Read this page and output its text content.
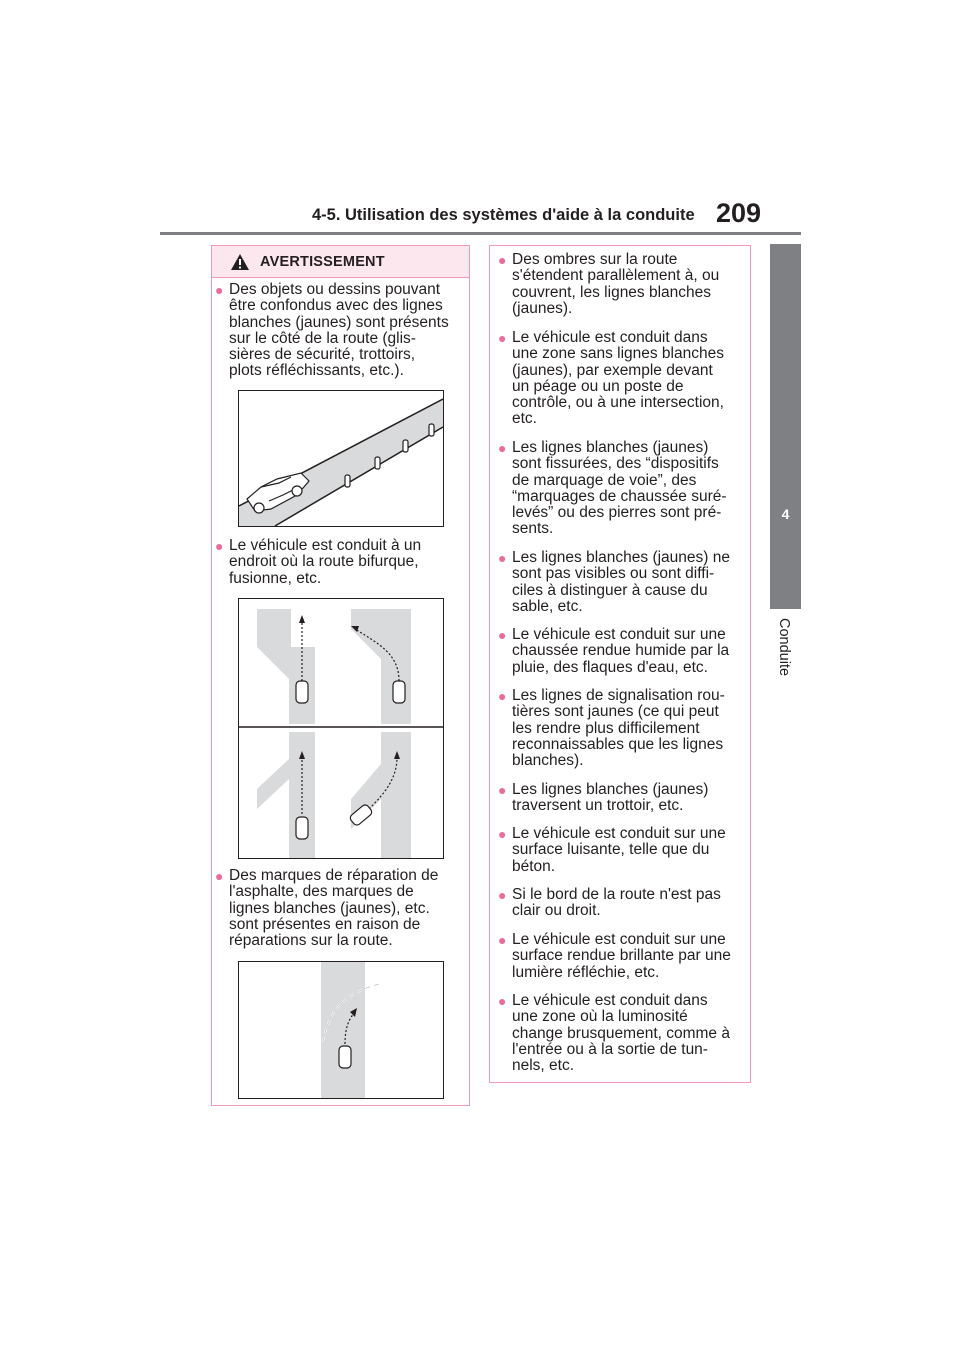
4-5. Utilisation des systèmes d'aide à la conduite 209
4
Conduite
AVERTISSEMENT
● Des objets ou dessins pouvant
être confondus avec des lignes
blanches (jaunes) sont présents
sur le côté de la route (glis-
sières de sécurité, trottoirs,
plots réfléchissants, etc.).
● Le véhicule est conduit à un
endroit où la route bifurque,
fusionne, etc.
● Des marques de réparation de
l'asphalte, des marques de
lignes blanches (jaunes), etc.
sont présentes en raison de
réparations sur la route.
● Des ombres sur la route
s'étendent parallèlement à, ou
couvrent, les lignes blanches
(jaunes).
● Le véhicule est conduit dans
une zone sans lignes blanches
(jaunes), par exemple devant
un péage ou un poste de
contrôle, ou à une intersection,
etc.
● Les lignes blanches (jaunes)
sont fissurées, des “dispositifs
de marquage de voie”, des
“marquages de chaussée suré-
levés” ou des pierres sont pré-
sents.
● Les lignes blanches (jaunes) ne
sont pas visibles ou sont diffi-
ciles à distinguer à cause du
sable, etc.
● Le véhicule est conduit sur une
chaussée rendue humide par la
pluie, des flaques d'eau, etc.
● Les lignes de signalisation rou-
tières sont jaunes (ce qui peut
les rendre plus difficilement
reconnaissables que les lignes
blanches).
● Les lignes blanches (jaunes)
traversent un trottoir, etc.
● Le véhicule est conduit sur une
surface luisante, telle que du
béton.
● Si le bord de la route n'est pas
clair ou droit.
● Le véhicule est conduit sur une
surface rendue brillante par une
lumière réfléchie, etc.
● Le véhicule est conduit dans
une zone où la luminosité
change brusquement, comme à
l'entrée ou à la sortie de tun-
nels, etc.
